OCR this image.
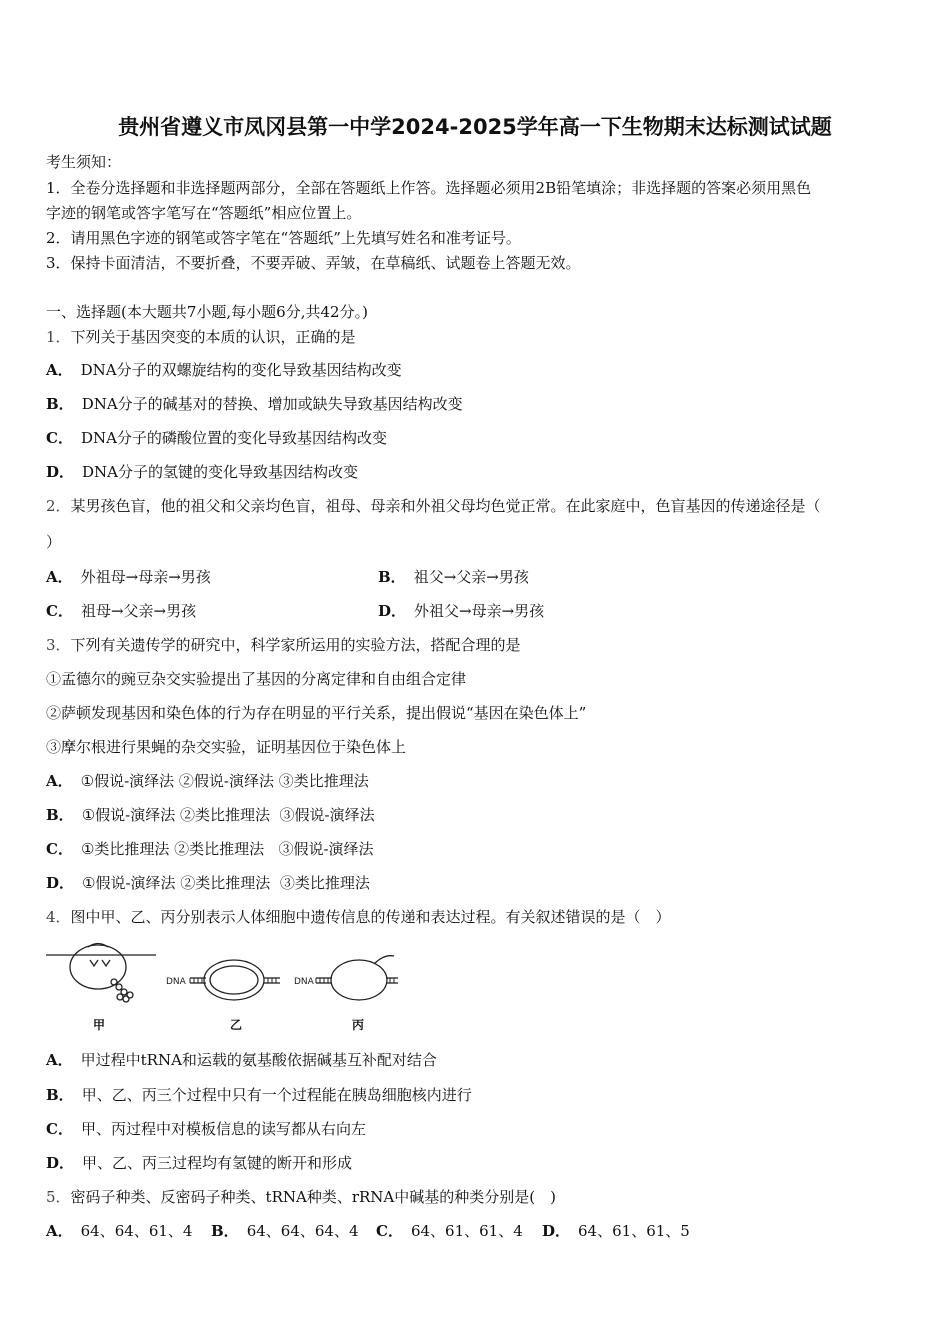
贵州省遵义市凤冈县第一中学2024-2025学年高一下生物期末达标测试试题
考生须知：
1．全卷分选择题和非选择题两部分，全部在答题纸上作答。选择题必须用2B铅笔填涂；非选择题的答案必须用黑色
字迹的钢笔或答字笔写在“答题纸”相应位置上。
2．请用黑色字迹的钢笔或答字笔在“答题纸”上先填写姓名和准考证号。
3．保持卡面清洁，不要折叠，不要弄破、弄皱，在草稿纸、试题卷上答题无效。
一、选择题(本大题共7小题,每小题6分,共42分。)
1．下列关于基因突变的本质的认识，正确的是
A． DNA分子的双螺旋结构的变化导致基因结构改变
B． DNA分子的碱基对的替换、增加或缺失导致基因结构改变
C． DNA分子的磷酸位置的变化导致基因结构改变
D． DNA分子的氢键的变化导致基因结构改变
2．某男孩色盲，他的祖父和父亲均色盲，祖母、母亲和外祖父母均色觉正常。在此家庭中，色盲基因的传递途径是（
）
A． 外祖母→母亲→男孩	B． 祖父→父亲→男孩
C． 祖母→父亲→男孩	D． 外祖父→母亲→男孩
3．下列有关遗传学的研究中，科学家所运用的实验方法，搭配合理的是
①孟德尔的豌豆杂交实验提出了基因的分离定律和自由组合定律
②萨顿发现基因和染色体的行为存在明显的平行关系，提出假说“基因在染色体上”
③摩尔根进行果蝇的杂交实验，证明基因位于染色体上
A． ①假说-演绎法 ②假说-演绎法 ③类比推理法
B． ①假说-演绎法 ②类比推理法  ③假说-演绎法
C． ①类比推理法 ②类比推理法   ③假说-演绎法
D． ①假说-演绎法 ②类比推理法  ③类比推理法
4．图中甲、乙、丙分别表示人体细胞中遗传信息的传递和表达过程。有关叙述错误的是（　）
DNA	DNA
甲	乙	丙
A． 甲过程中tRNA和运载的氨基酸依据碱基互补配对结合
B． 甲、乙、丙三个过程中只有一个过程能在胰岛细胞核内进行
C． 甲、丙过程中对模板信息的读写都从右向左
D． 甲、乙、丙三过程均有氢键的断开和形成
5．密码子种类、反密码子种类、tRNA种类、rRNA中碱基的种类分别是(　)
A． 64、64、61、4 B． 64、64、64、4 C． 64、61、61、4 D． 64、61、61、5
